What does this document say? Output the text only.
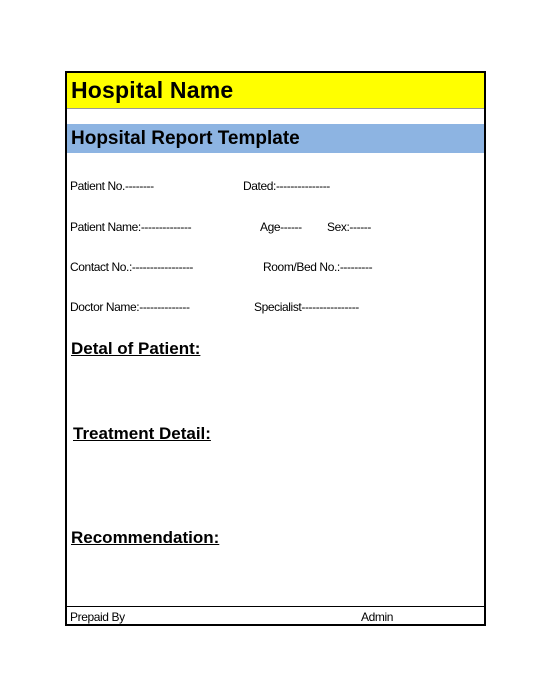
Hospital Name
Hopsital Report Template
Patient No.--------	Dated:---------------
Patient Name:--------------	Age------ Sex:------
Contact No.:-----------------	Room/Bed No.:---------
Doctor Name:--------------	Specialist----------------
Detal of Patient:
Treatment Detail:
Recommendation:
Prepaid By	Admin
